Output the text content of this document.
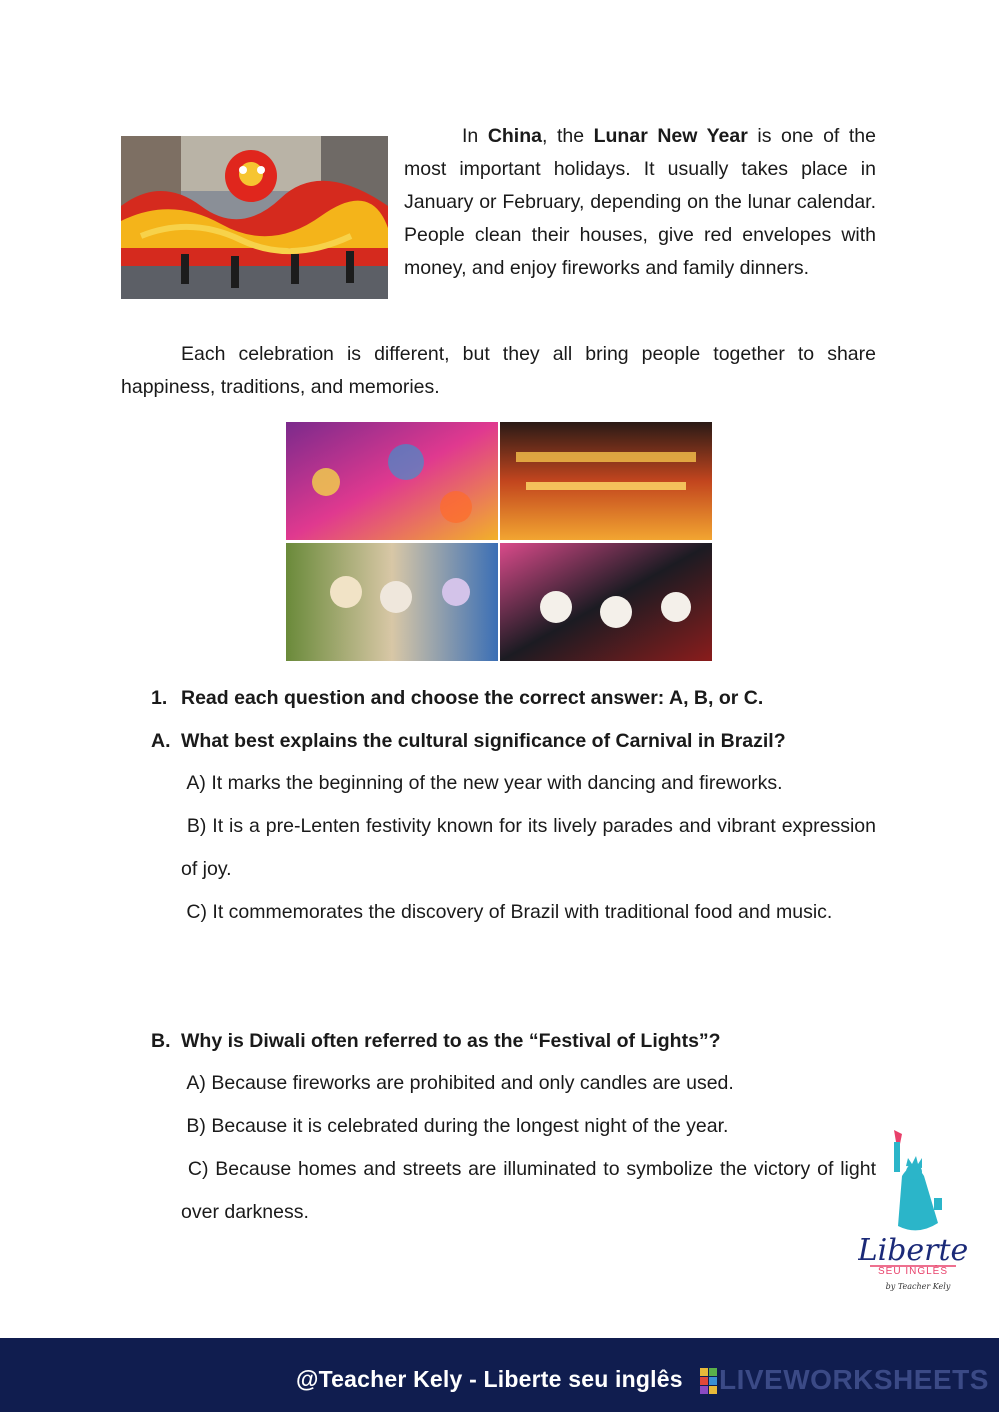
In China, the Lunar New Year is one of the most important holidays. It usually takes place in January or February, depending on the lunar calendar. People clean their houses, give red envelopes with money, and enjoy fireworks and family dinners.

Each celebration is different, but they all bring people together to share happiness, traditions, and memories.

1. Read each question and choose the correct answer: A, B, or C.
A. What best explains the cultural significance of Carnival in Brazil?

A) It marks the beginning of the new year with dancing and fireworks.

B) It is a pre-Lenten festivity known for its lively parades and vibrant expression of joy.

C) It commemorates the discovery of Brazil with traditional food and music.

B. Why is Diwali often referred to as the “Festival of Lights”?

A) Because fireworks are prohibited and only candles are used.

B) Because it is celebrated during the longest night of the year.

C) Because homes and streets are illuminated to symbolize the victory of light over darkness.

Liberte
SEU INGLÊS
by Teacher Kely
@Teacher Kely - Liberte seu inglês LIVEWORKSHEETS
